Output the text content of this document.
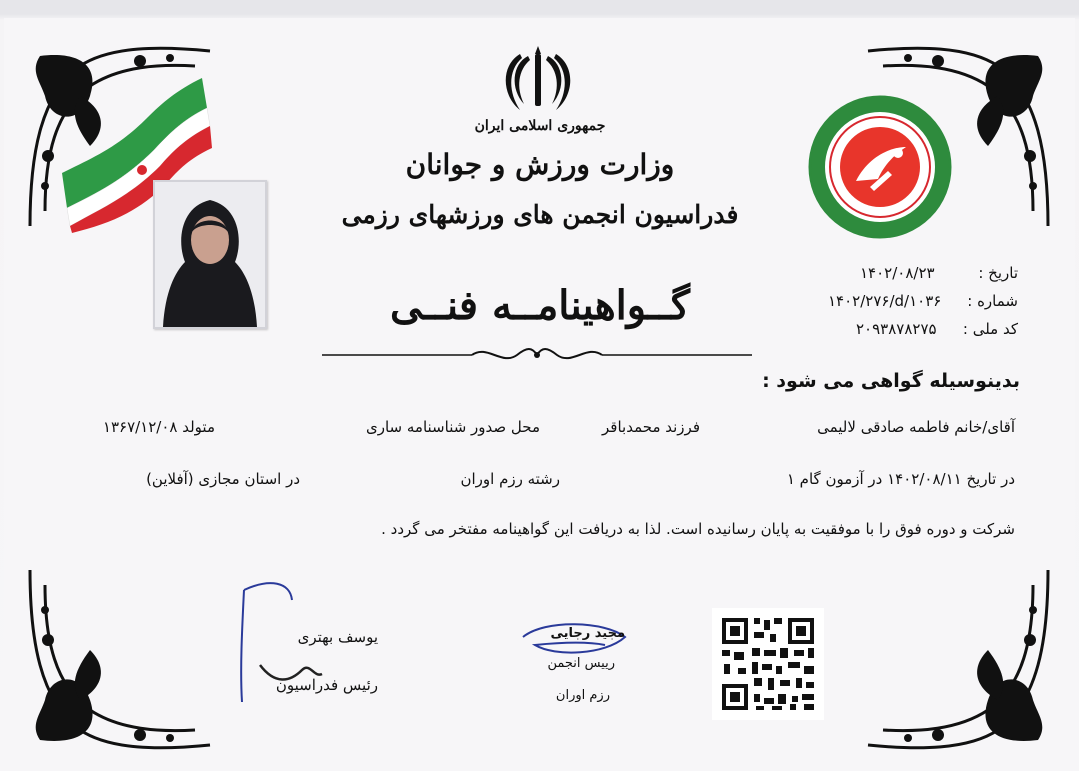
جمهوری اسلامی ایران
وزارت ورزش و جوانان
فدراسیون انجمن های ورزشهای رزمی
تاریخ :
۱۴۰۲/۰۸/۲۳
شماره :
۱۴۰۲/۲۷۶/d/۱۰۳۶
کد ملی :
۲۰۹۳۸۷۸۲۷۵
گــواهینامــه فنــی
بدینوسیله گواهی می شود :
آقای/خانم فاطمه صادقی لالیمی
فرزند محمدباقر
محل صدور شناسنامه ساری
متولد ۱۳۶۷/۱۲/۰۸
در تاریخ ۱۴۰۲/۰۸/۱۱ در آزمون گام ۱
رشته رزم اوران
در استان مجازی (آفلاین)
شرکت و دوره فوق را با موفقیت به پایان رسانیده است. لذا به دریافت این گواهینامه مفتخر می گردد .
یوسف بهتری
رئیس فدراسیون
مجید رجایی
رییس انجمن
رزم اوران
